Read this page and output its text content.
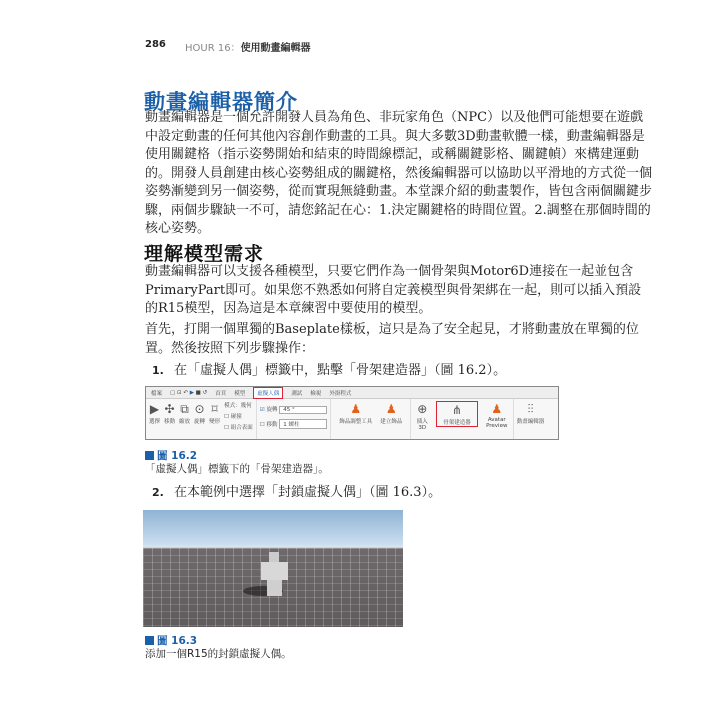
286 HOUR 16：使用動畫編輯器
動畫編輯器簡介
動畫編輯器是一個允許開發人員為角色、非玩家角色（NPC）以及他們可能想要在遊戲
中設定動畫的任何其他內容創作動畫的工具。與大多數3D動畫軟體一樣，動畫編輯器是
使用關鍵格（指示姿勢開始和結束的時間線標記，或稱關鍵影格、關鍵幀）來構建運動
的。開發人員創建由核心姿勢組成的關鍵格，然後編輯器可以協助以平滑地的方式從一個
姿勢漸變到另一個姿勢，從而實現無縫動畫。本堂課介紹的動畫製作，皆包含兩個關鍵步
驟，兩個步驟缺一不可，請您銘記在心：1.決定關鍵格的時間位置。2.調整在那個時間的
核心姿勢。
理解模型需求
動畫編輯器可以支援各種模型，只要它們作為一個骨架與Motor6D連接在一起並包含
PrimaryPart即可。如果您不熟悉如何將自定義模型與骨架綁在一起，則可以插入預設
的R15模型，因為這是本章練習中要使用的模型。
首先，打開一個單獨的Baseplate樣板，這只是為了安全起見，才將動畫放在單獨的位
置。然後按照下列步驟操作：
1. 在「虛擬人偶」標籤中，點擊「骨架建造器」（圖 16.2）。
檔案 ▢ ⊡ ↶ ▶ ■ ↺ 首頁 模型	虛擬人偶	測試 檢視 外掛程式
▶
選擇
✣
移動
⧉
縮放
⊙
旋轉
⌑
變形
模式：幾何
☐ 碰撞
☐ 組合表面
☑ 旋轉 45 °
☐ 移動 1 螺柱
♟
飾品調整工具
♟
建立飾品
⊕
插入 3D
⋔
骨架建造器
♟
Avatar Preview
⫶⫶
動畫編輯器
圖 16.2
「虛擬人偶」標籤下的「骨架建造器」。
2. 在本範例中選擇「封鎖虛擬人偶」（圖 16.3）。
圖 16.3
添加一個R15的封鎖虛擬人偶。
